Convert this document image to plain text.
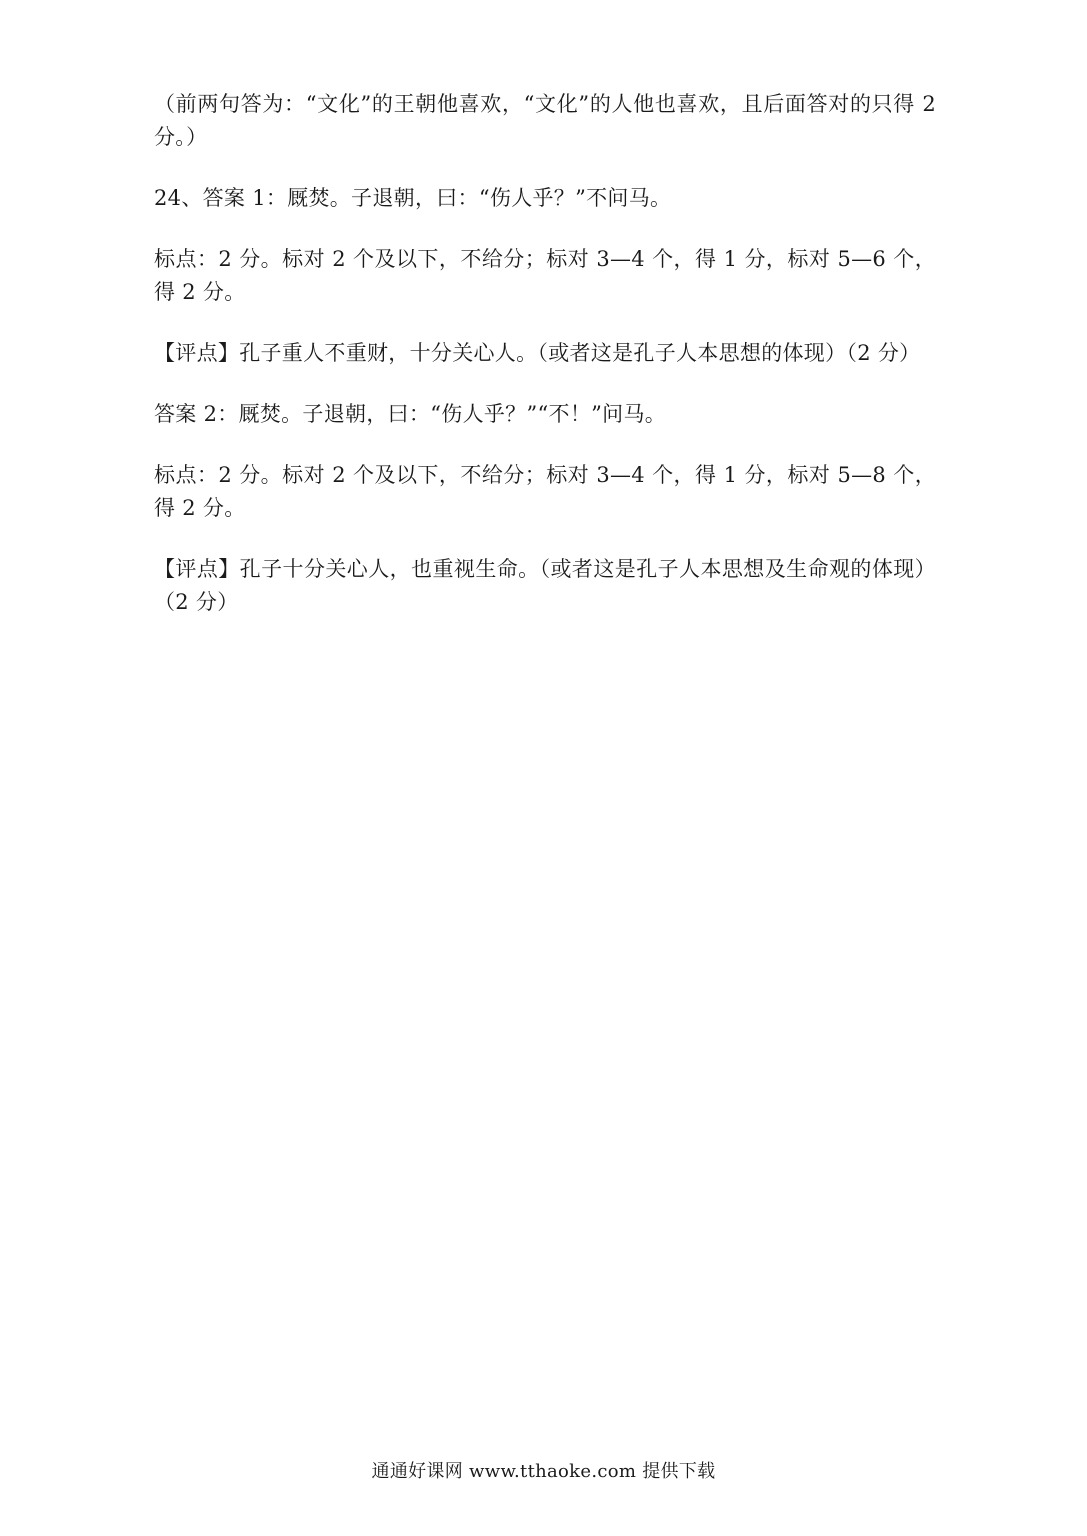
（前两句答为：“文化”的王朝他喜欢，“文化”的人他也喜欢，且后面答对的只得 2 分。）

24、答案 1：厩焚。子退朝，曰：“伤人乎？”不问马。

标点：2 分。标对 2 个及以下，不给分；标对 3—4 个，得 1 分，标对 5—6 个，得 2 分。

【评点】孔子重人不重财，十分关心人。（或者这是孔子人本思想的体现）（2 分）

答案 2：厩焚。子退朝，曰：“伤人乎？”“不！”问马。

标点：2 分。标对 2 个及以下，不给分；标对 3—4 个，得 1 分，标对 5—8 个，得 2 分。

【评点】孔子十分关心人，也重视生命。（或者这是孔子人本思想及生命观的体现）（2 分）

通通好课网 www.tthaoke.com 提供下载
